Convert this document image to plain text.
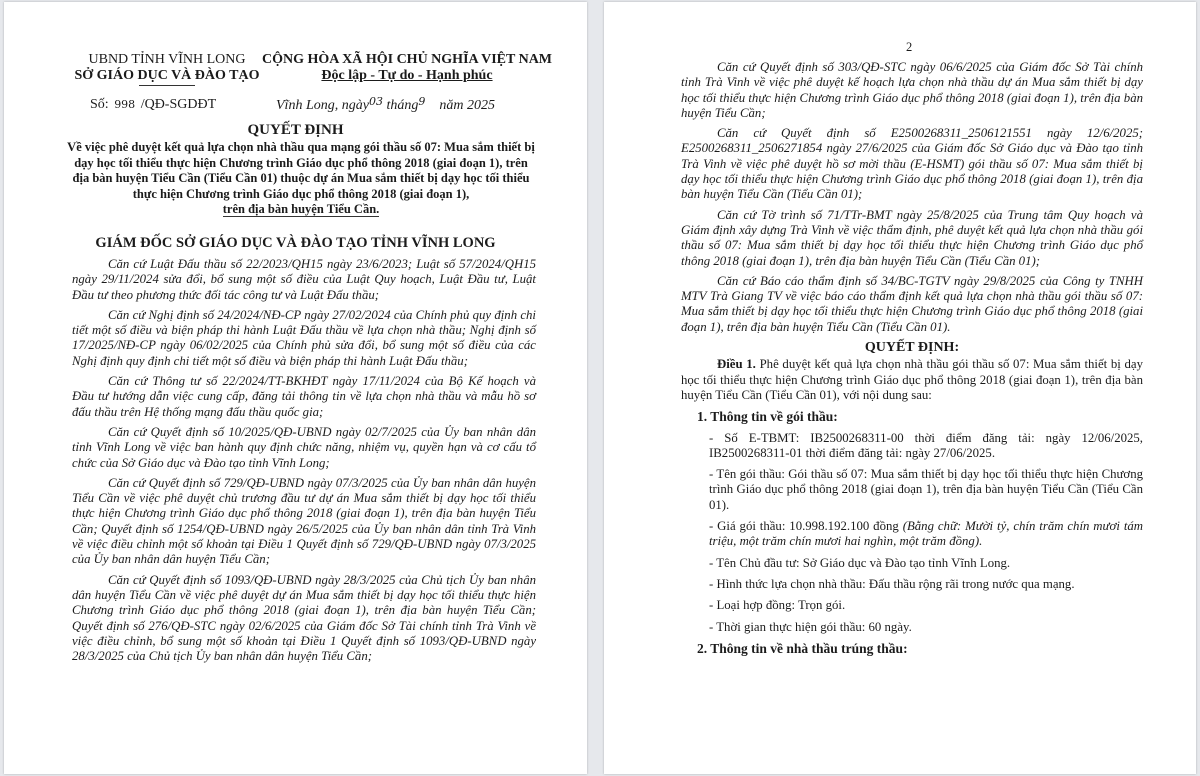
UBND TỈNH VĨNH LONG
SỞ GIÁO DỤC VÀ ĐÀO TẠO
CỘNG HÒA XÃ HỘI CHỦ NGHĨA VIỆT NAM
Độc lập - Tự do - Hạnh phúc
Số: 998 /QĐ-SGDĐT	Vĩnh Long, ngày$^{03}$ tháng$^9$ năm 2025
QUYẾT ĐỊNH
Về việc phê duyệt kết quả lựa chọn nhà thầu qua mạng gói thầu số 07: Mua sắm thiết bị dạy học tối thiểu thực hiện Chương trình Giáo dục phổ thông 2018 (giai đoạn 1), trên địa bàn huyện Tiểu Cần (Tiểu Cần 01) thuộc dự án Mua sắm thiết bị dạy học tối thiểu thực hiện Chương trình Giáo dục phổ thông 2018 (giai đoạn 1),
trên địa bàn huyện Tiểu Cần.
GIÁM ĐỐC SỞ GIÁO DỤC VÀ ĐÀO TẠO TỈNH VĨNH LONG

Căn cứ Luật Đấu thầu số 22/2023/QH15 ngày 23/6/2023; Luật số 57/2024/QH15 ngày 29/11/2024 sửa đổi, bổ sung một số điều của Luật Quy hoạch, Luật Đầu tư, Luật Đầu tư theo phương thức đối tác công tư và Luật Đấu thầu;

Căn cứ Nghị định số 24/2024/NĐ-CP ngày 27/02/2024 của Chính phủ quy định chi tiết một số điều và biện pháp thi hành Luật Đấu thầu về lựa chọn nhà thầu; Nghị định số 17/2025/NĐ-CP ngày 06/02/2025 của Chính phủ sửa đổi, bổ sung một số điều của các Nghị định quy định chi tiết một số điều và biện pháp thi hành Luật Đấu thầu;

Căn cứ Thông tư số 22/2024/TT-BKHĐT ngày 17/11/2024 của Bộ Kế hoạch và Đầu tư hướng dẫn việc cung cấp, đăng tải thông tin về lựa chọn nhà thầu và mẫu hồ sơ đấu thầu trên Hệ thống mạng đấu thầu quốc gia;

Căn cứ Quyết định số 10/2025/QĐ-UBND ngày 02/7/2025 của Ủy ban nhân dân tỉnh Vĩnh Long về việc ban hành quy định chức năng, nhiệm vụ, quyền hạn và cơ cấu tổ chức của Sở Giáo dục và Đào tạo tỉnh Vĩnh Long;

Căn cứ Quyết định số 729/QĐ-UBND ngày 07/3/2025 của Ủy ban nhân dân huyện Tiểu Cần về việc phê duyệt chủ trương đầu tư dự án Mua sắm thiết bị dạy học tối thiểu thực hiện Chương trình Giáo dục phổ thông 2018 (giai đoạn 1), trên địa bàn huyện Tiểu Cần; Quyết định số 1254/QĐ-UBND ngày 26/5/2025 của Ủy ban nhân dân tỉnh Trà Vinh về việc điều chỉnh một số khoản tại Điều 1 Quyết định số 729/QĐ-UBND ngày 07/3/2025 của Ủy ban nhân dân huyện Tiểu Cần;

Căn cứ Quyết định số 1093/QĐ-UBND ngày 28/3/2025 của Chủ tịch Ủy ban nhân dân huyện Tiểu Cần về việc phê duyệt dự án Mua sắm thiết bị dạy học tối thiểu thực hiện Chương trình Giáo dục phổ thông 2018 (giai đoạn 1), trên địa bàn huyện Tiểu Cần; Quyết định số 276/QĐ-STC ngày 02/6/2025 của Giám đốc Sở Tài chính tỉnh Trà Vinh về việc điều chỉnh, bổ sung một số khoản tại Điều 1 Quyết định số 1093/QĐ-UBND ngày 28/3/2025 của Chủ tịch Ủy ban nhân dân huyện Tiểu Cần;

2

Căn cứ Quyết định số 303/QĐ-STC ngày 06/6/2025 của Giám đốc Sở Tài chính tỉnh Trà Vinh về việc phê duyệt kế hoạch lựa chọn nhà thầu dự án Mua sắm thiết bị dạy học tối thiểu thực hiện Chương trình Giáo dục phổ thông 2018 (giai đoạn 1), trên địa bàn huyện Tiểu Cần;

Căn cứ Quyết định số E2500268311_2506121551 ngày 12/6/2025; E2500268311_2506271854 ngày 27/6/2025 của Giám đốc Sở Giáo dục và Đào tạo tỉnh Trà Vinh về việc phê duyệt hồ sơ mời thầu (E-HSMT) gói thầu số 07: Mua sắm thiết bị dạy học tối thiểu thực hiện Chương trình Giáo dục phổ thông 2018 (giai đoạn 1), trên địa bàn huyện Tiểu Cần (Tiểu Cần 01);

Căn cứ Tờ trình số 71/TTr-BMT ngày 25/8/2025 của Trung tâm Quy hoạch và Giám định xây dựng Trà Vinh về việc thẩm định, phê duyệt kết quả lựa chọn nhà thầu gói thầu số 07: Mua sắm thiết bị dạy học tối thiểu thực hiện Chương trình Giáo dục phổ thông 2018 (giai đoạn 1), trên địa bàn huyện Tiểu Cần (Tiểu Cần 01);

Căn cứ Báo cáo thẩm định số 34/BC-TGTV ngày 29/8/2025 của Công ty TNHH MTV Trà Giang TV về việc báo cáo thẩm định kết quả lựa chọn nhà thầu gói thầu số 07: Mua sắm thiết bị dạy học tối thiểu thực hiện Chương trình Giáo dục phổ thông 2018 (giai đoạn 1), trên địa bàn huyện Tiểu Cần (Tiểu Cần 01).

QUYẾT ĐỊNH:
Điều 1. Phê duyệt kết quả lựa chọn nhà thầu gói thầu số 07: Mua sắm thiết bị dạy học tối thiểu thực hiện Chương trình Giáo dục phổ thông 2018 (giai đoạn 1), trên địa bàn huyện Tiểu Cần (Tiểu Cần 01), với nội dung sau:
1. Thông tin về gói thầu:
- Số E-TBMT: IB2500268311-00 thời điểm đăng tải: ngày 12/06/2025, IB2500268311-01 thời điểm đăng tải: ngày 27/06/2025.
- Tên gói thầu: Gói thầu số 07: Mua sắm thiết bị dạy học tối thiểu thực hiện Chương trình Giáo dục phổ thông 2018 (giai đoạn 1), trên địa bàn huyện Tiểu Cần (Tiểu Cần 01).
- Giá gói thầu: 10.998.192.100 đồng (Bằng chữ: Mười tỷ, chín trăm chín mươi tám triệu, một trăm chín mươi hai nghìn, một trăm đồng).
- Tên Chủ đầu tư: Sở Giáo dục và Đào tạo tỉnh Vĩnh Long.
- Hình thức lựa chọn nhà thầu: Đấu thầu rộng rãi trong nước qua mạng.
- Loại hợp đồng: Trọn gói.
- Thời gian thực hiện gói thầu: 60 ngày.
2. Thông tin về nhà thầu trúng thầu:
